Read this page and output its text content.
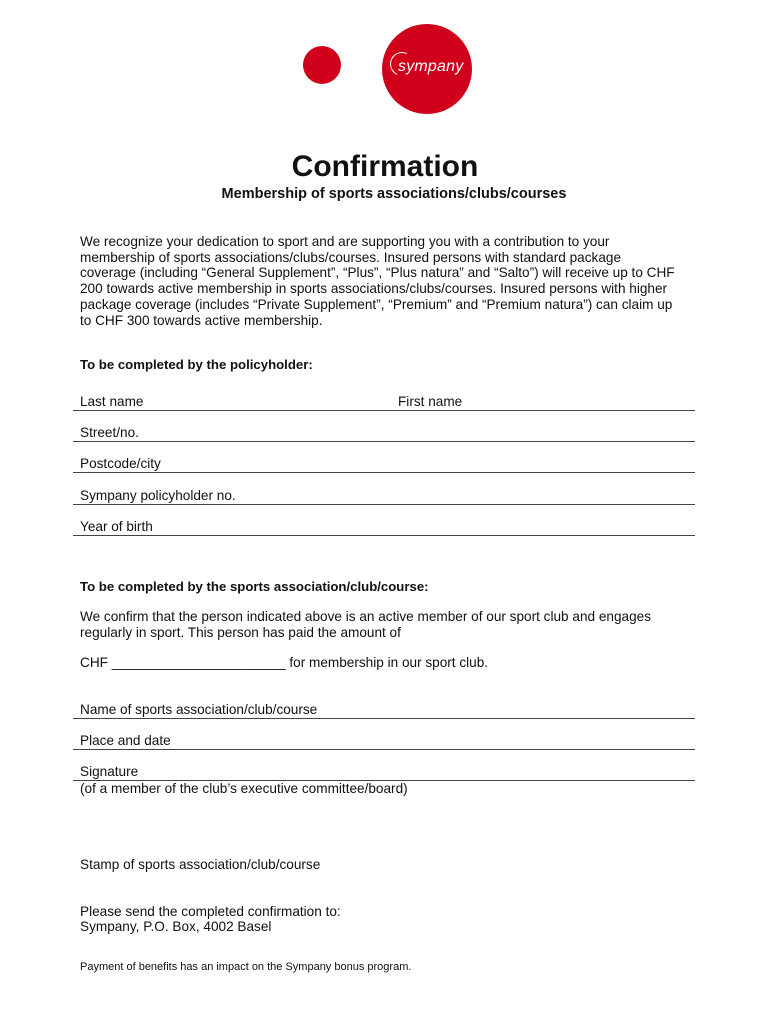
sympany
Confirmation
Membership of sports associations/clubs/courses
We recognize your dedication to sport and are supporting you with a contribution to your
membership of sports associations/clubs/courses. Insured persons with standard package
coverage (including “General Supplement”, “Plus”, “Plus natura” and “Salto”) will receive up to CHF
200 towards active membership in sports associations/clubs/courses. Insured persons with higher
package coverage (includes “Private Supplement”, “Premium” and “Premium natura”) can claim up
to CHF 300 towards active membership.
To be completed by the policyholder:
Last name	First name
Street/no.
Postcode/city
Sympany policyholder no.
Year of birth
To be completed by the sports association/club/course:
We confirm that the person indicated above is an active member of our sport club and engages
regularly in sport. This person has paid the amount of
CHF _______________________ for membership in our sport club.
Name of sports association/club/course
Place and date
Signature
(of a member of the club’s executive committee/board)
Stamp of sports association/club/course
Please send the completed confirmation to:
Sympany, P.O. Box, 4002 Basel
Payment of benefits has an impact on the Sympany bonus program.
